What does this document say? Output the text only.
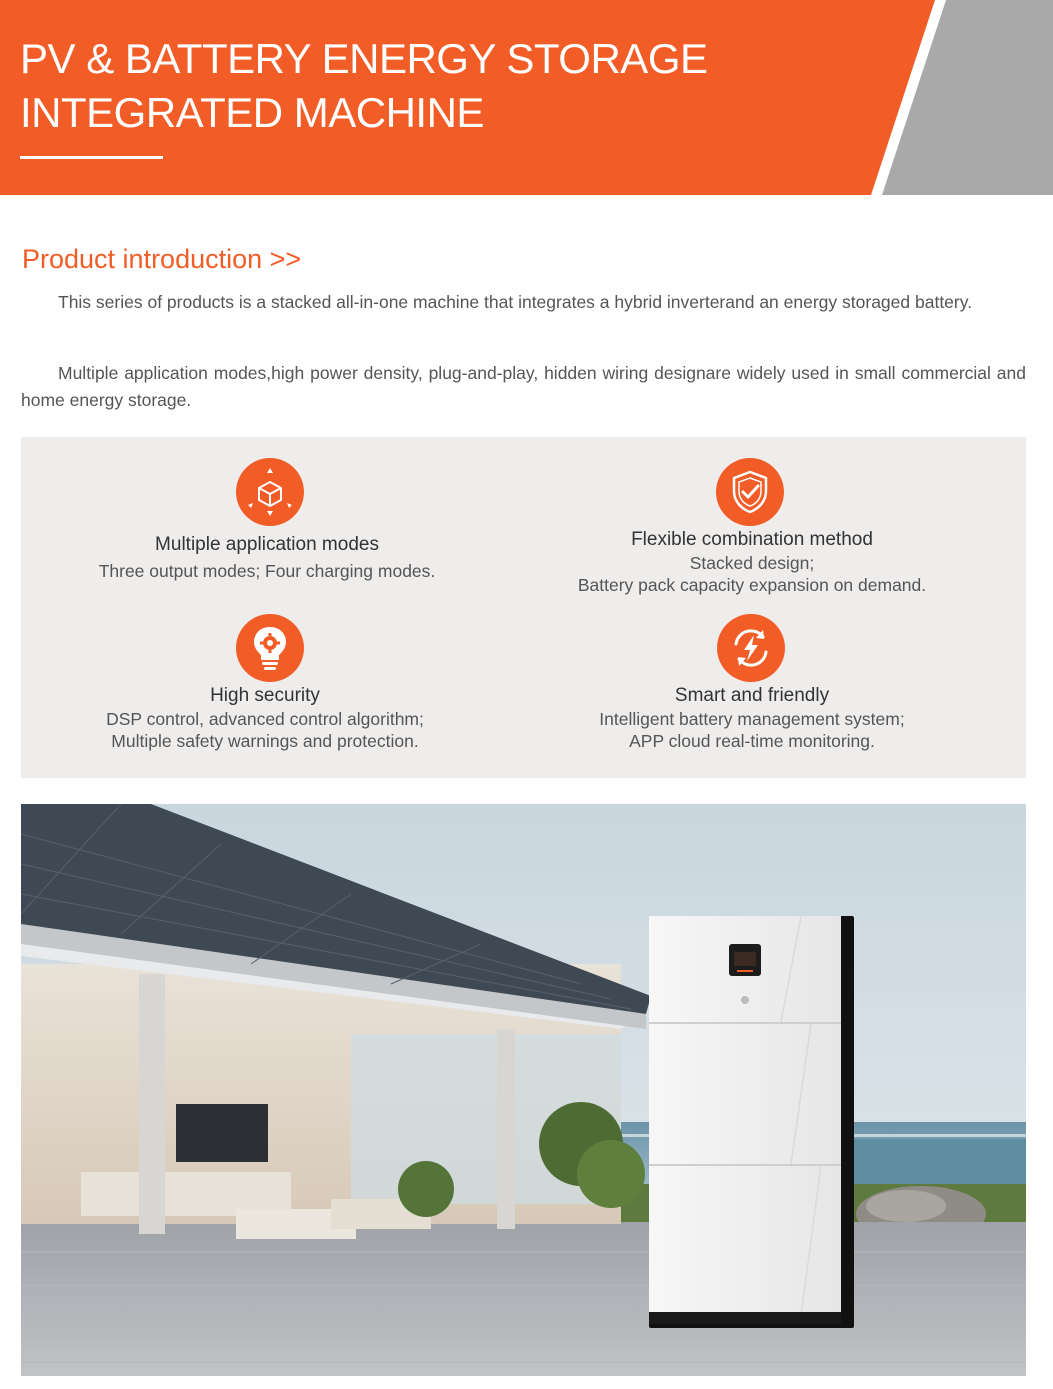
PV & BATTERY ENERGY STORAGE
INTEGRATED MACHINE
Product introduction >>

This series of products is a stacked all-in-one machine that integrates a hybrid inverterand an energy storaged battery.

Multiple application modes,high power density, plug-and-play, hidden wiring designare widely used in small commercial and home energy storage.

Multiple application modes
Three output modes; Four charging modes.
Flexible combination method
Stacked design;
Battery pack capacity expansion on demand.
High security
DSP control, advanced control algorithm;
Multiple safety warnings and protection.
Smart and friendly
Intelligent battery management system;
APP cloud real-time monitoring.
